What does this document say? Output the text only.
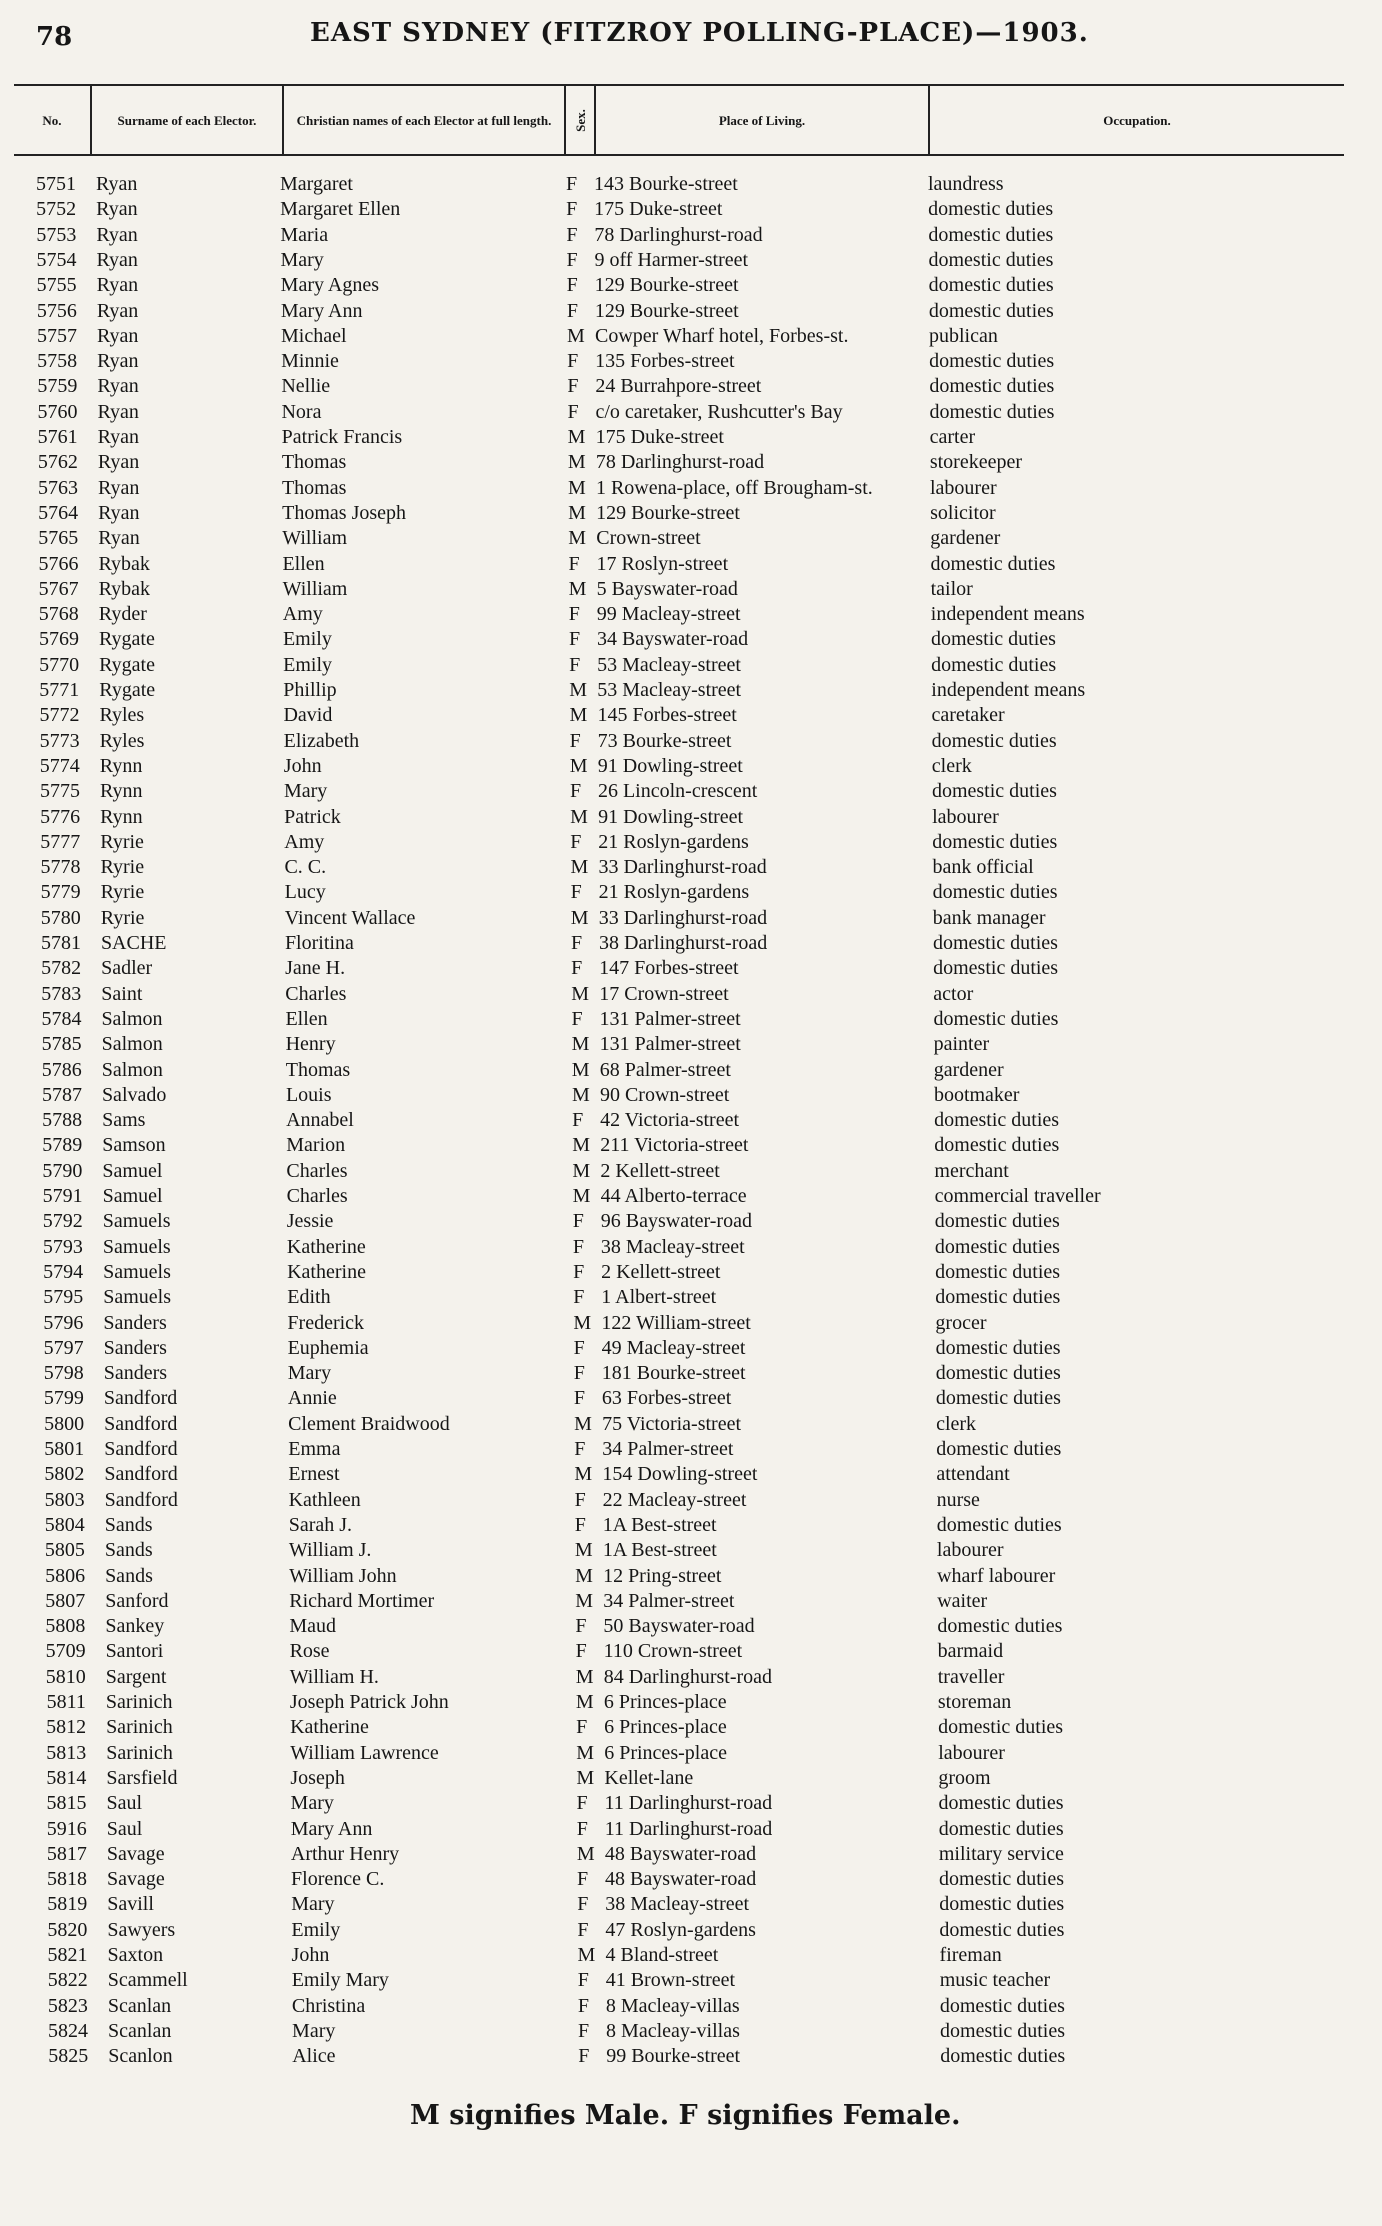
78	EAST SYDNEY (FITZROY POLLING-PLACE)—1903.
No.	Surname of each Elector.	Christian names of each Elector at full length.	Sex.	Place of Living.	Occupation.
5751 Ryan	Margaret	F 143 Bourke-street	laundress
5752 Ryan	Margaret Ellen	F 175 Duke-street	domestic duties
5753 Ryan	Maria	F 78 Darlinghurst-road	domestic duties
5754 Ryan	Mary	F 9 off Harmer-street	domestic duties
5755 Ryan	Mary Agnes	F 129 Bourke-street	domestic duties
5756 Ryan	Mary Ann	F 129 Bourke-street	domestic duties
5757 Ryan	Michael	M Cowper Wharf hotel, Forbes-st.	publican
5758 Ryan	Minnie	F 135 Forbes-street	domestic duties
5759 Ryan	Nellie	F 24 Burrahpore-street	domestic duties
5760 Ryan	Nora	F c/o caretaker, Rushcutter's Bay	domestic duties
5761 Ryan	Patrick Francis	M 175 Duke-street	carter
5762 Ryan	Thomas	M 78 Darlinghurst-road	storekeeper
5763 Ryan	Thomas	M 1 Rowena-place, off Brougham-st.	labourer
5764 Ryan	Thomas Joseph	M 129 Bourke-street	solicitor
5765 Ryan	William	M Crown-street	gardener
5766 Rybak	Ellen	F 17 Roslyn-street	domestic duties
5767 Rybak	William	M 5 Bayswater-road	tailor
5768 Ryder	Amy	F 99 Macleay-street	independent means
5769 Rygate	Emily	F 34 Bayswater-road	domestic duties
5770 Rygate	Emily	F 53 Macleay-street	domestic duties
5771 Rygate	Phillip	M 53 Macleay-street	independent means
5772 Ryles	David	M 145 Forbes-street	caretaker
5773 Ryles	Elizabeth	F 73 Bourke-street	domestic duties
5774 Rynn	John	M 91 Dowling-street	clerk
5775 Rynn	Mary	F 26 Lincoln-crescent	domestic duties
5776 Rynn	Patrick	M 91 Dowling-street	labourer
5777 Ryrie	Amy	F 21 Roslyn-gardens	domestic duties
5778 Ryrie	C. C.	M 33 Darlinghurst-road	bank official
5779 Ryrie	Lucy	F 21 Roslyn-gardens	domestic duties
5780 Ryrie	Vincent Wallace	M 33 Darlinghurst-road	bank manager
5781 SACHE	Floritina	F 38 Darlinghurst-road	domestic duties
5782 Sadler	Jane H.	F 147 Forbes-street	domestic duties
5783 Saint	Charles	M 17 Crown-street	actor
5784 Salmon	Ellen	F 131 Palmer-street	domestic duties
5785 Salmon	Henry	M 131 Palmer-street	painter
5786 Salmon	Thomas	M 68 Palmer-street	gardener
5787 Salvado	Louis	M 90 Crown-street	bootmaker
5788 Sams	Annabel	F 42 Victoria-street	domestic duties
5789 Samson	Marion	M 211 Victoria-street	domestic duties
5790 Samuel	Charles	M 2 Kellett-street	merchant
5791 Samuel	Charles	M 44 Alberto-terrace	commercial traveller
5792 Samuels	Jessie	F 96 Bayswater-road	domestic duties
5793 Samuels	Katherine	F 38 Macleay-street	domestic duties
5794 Samuels	Katherine	F 2 Kellett-street	domestic duties
5795 Samuels	Edith	F 1 Albert-street	domestic duties
5796 Sanders	Frederick	M 122 William-street	grocer
5797 Sanders	Euphemia	F 49 Macleay-street	domestic duties
5798 Sanders	Mary	F 181 Bourke-street	domestic duties
5799 Sandford	Annie	F 63 Forbes-street	domestic duties
5800 Sandford	Clement Braidwood	M 75 Victoria-street	clerk
5801 Sandford	Emma	F 34 Palmer-street	domestic duties
5802 Sandford	Ernest	M 154 Dowling-street	attendant
5803 Sandford	Kathleen	F 22 Macleay-street	nurse
5804 Sands	Sarah J.	F 1A Best-street	domestic duties
5805 Sands	William J.	M 1A Best-street	labourer
5806 Sands	William John	M 12 Pring-street	wharf labourer
5807 Sanford	Richard Mortimer	M 34 Palmer-street	waiter
5808 Sankey	Maud	F 50 Bayswater-road	domestic duties
5709 Santori	Rose	F 110 Crown-street	barmaid
5810 Sargent	William H.	M 84 Darlinghurst-road	traveller
5811 Sarinich	Joseph Patrick John	M 6 Princes-place	storeman
5812 Sarinich	Katherine	F 6 Princes-place	domestic duties
5813 Sarinich	William Lawrence	M 6 Princes-place	labourer
5814 Sarsfield	Joseph	M Kellet-lane	groom
5815 Saul	Mary	F 11 Darlinghurst-road	domestic duties
5916 Saul	Mary Ann	F 11 Darlinghurst-road	domestic duties
5817 Savage	Arthur Henry	M 48 Bayswater-road	military service
5818 Savage	Florence C.	F 48 Bayswater-road	domestic duties
5819 Savill	Mary	F 38 Macleay-street	domestic duties
5820 Sawyers	Emily	F 47 Roslyn-gardens	domestic duties
5821 Saxton	John	M 4 Bland-street	fireman
5822 Scammell	Emily Mary	F 41 Brown-street	music teacher
5823 Scanlan	Christina	F 8 Macleay-villas	domestic duties
5824 Scanlan	Mary	F 8 Macleay-villas	domestic duties
5825 Scanlon	Alice	F 99 Bourke-street	domestic duties
M signifies Male. F signifies Female.
